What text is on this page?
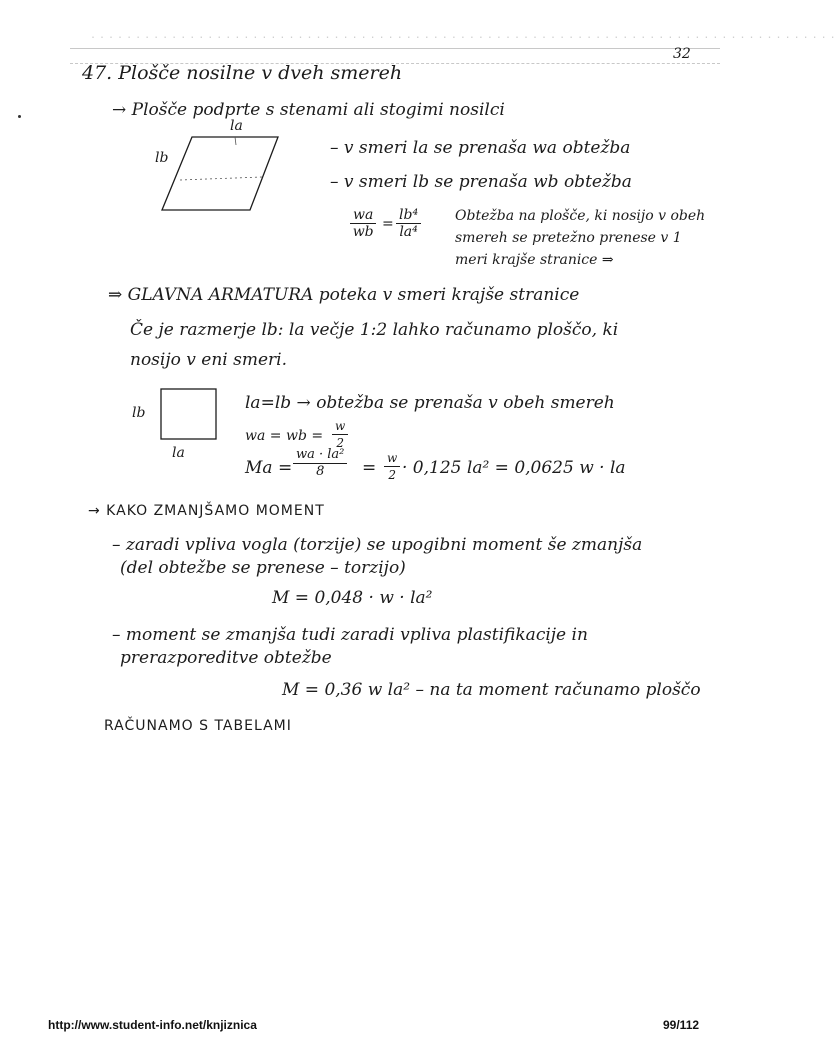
...................................................................................
32
47. Plošče nosilne v dveh smereh
→ Plošče podprte s stenami ali stogimi nosilci
la
lb	– v smeri la se prenaša wa obtežba
– v smeri lb se prenaša wb obtežba
$\frac{wa}{wb} = \frac{\text{lb⁴}}{\text{la⁴}}$ Obtežba na plošče, ki nosijo v obeh
smereh se pretežno prenese v 1
meri krajše stranice ⇒
⇒ GLAVNA ARMATURA poteka v smeri krajše stranice
Če je razmerje lb: la večje 1:2 lahko računamo ploščo, ki
nosijo v eni smeri.
lb
la
la=lb → obtežba se prenaša v obeh smereh
wa = wb = $\frac{w}{2}$
$Ma = \frac{\text{wa · la²}}{8} = \frac{w}{2} \cdot 0,125$ la² = 0,0625 w · la
→ KAKO ZMANJŠAMO MOMENT
– zaradi vpliva vogla (torzije) se upogibni moment še zmanjša
(del obtežbe se prenese – torzijo)
M = 0,048 · w · la²
– moment se zmanjša tudi zaradi vpliva plastifikacije in
prerazporeditve obtežbe
M = 0,36 w la² – na ta moment računamo ploščo
RAČUNAMO S TABELAMI
http://www.student-info.net/knjiznica	99/112
